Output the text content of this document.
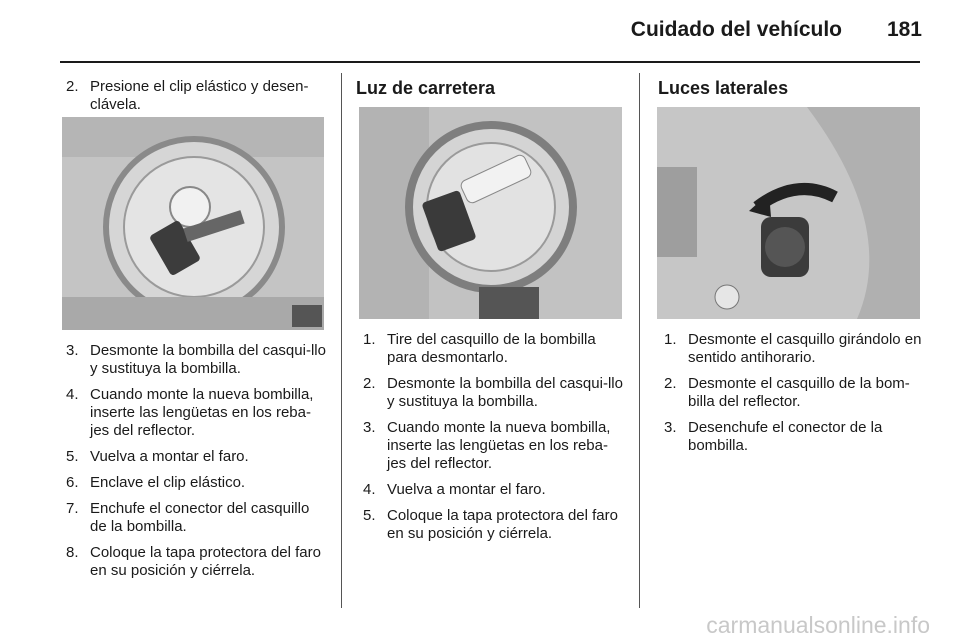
Cuidado del vehículo 181
2. Presione el clip elástico y desen-clávela.
3. Desmonte la bombilla del casqui-llo y sustituya la bombilla.
4. Cuando monte la nueva bombilla, inserte las lengüetas en los reba-jes del reflector.
5. Vuelva a montar el faro.
6. Enclave el clip elástico.
7. Enchufe el conector del casquillo de la bombilla.
8. Coloque la tapa protectora del faro en su posición y ciérrela.
Luz de carretera
1. Tire del casquillo de la bombilla para desmontarlo.
2. Desmonte la bombilla del casqui-llo y sustituya la bombilla.
3. Cuando monte la nueva bombilla, inserte las lengüetas en los reba-jes del reflector.
4. Vuelva a montar el faro.
5. Coloque la tapa protectora del faro en su posición y ciérrela.
Luces laterales
1. Desmonte el casquillo girándolo en sentido antihorario.
2. Desmonte el casquillo de la bom-billa del reflector.
3. Desenchufe el conector de la bombilla.
carmanualsonline.info
